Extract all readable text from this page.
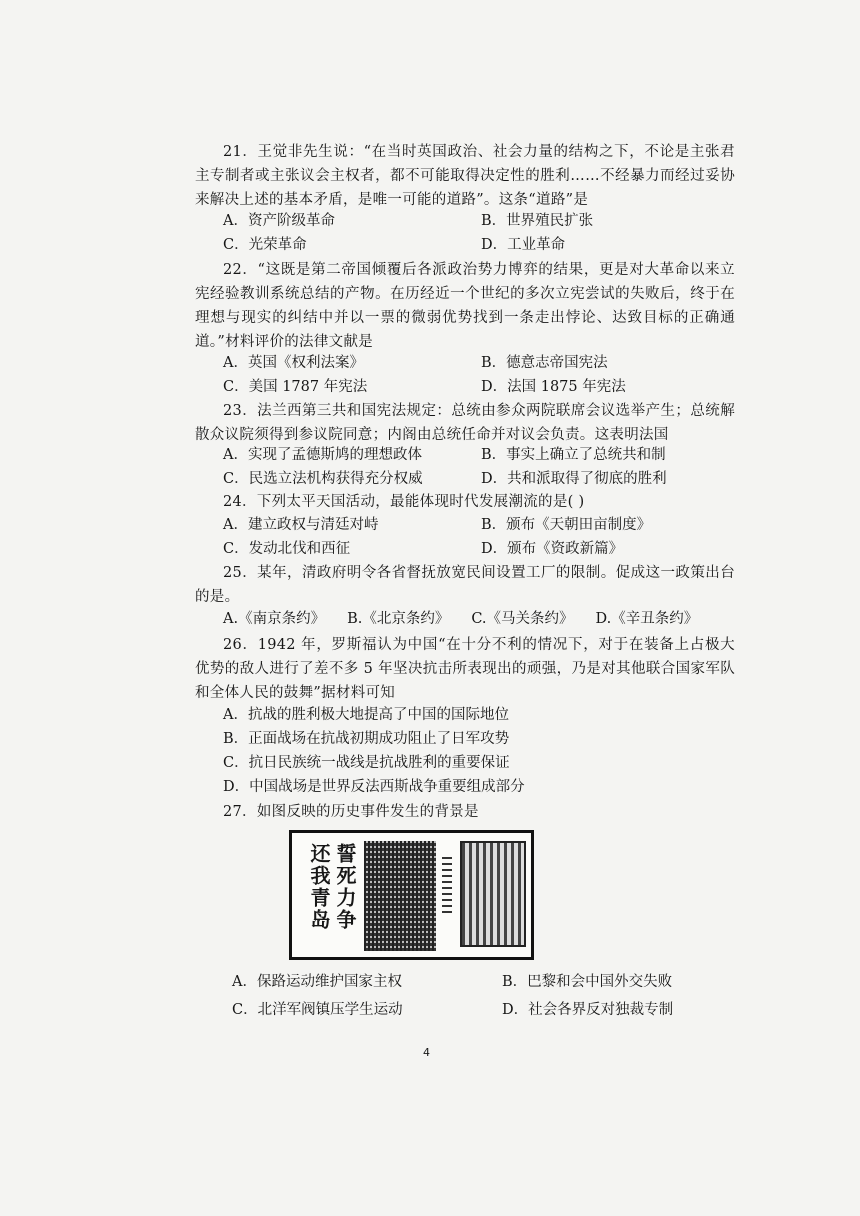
21．王觉非先生说：“在当时英国政治、社会力量的结构之下，不论是主张君主专制者或主张议会主权者，都不可能取得决定性的胜利……不经暴力而经过妥协来解决上述的基本矛盾，是唯一可能的道路”。这条“道路”是

A．资产阶级革命	B．世界殖民扩张
C．光荣革命	D．工业革命

22．“这既是第二帝国倾覆后各派政治势力博弈的结果，更是对大革命以来立宪经验教训系统总结的产物。在历经近一个世纪的多次立宪尝试的失败后，终于在理想与现实的纠结中并以一票的微弱优势找到一条走出悖论、达致目标的正确通道。”材料评价的法律文献是

A．英国《权利法案》	B．德意志帝国宪法
C．美国 1787 年宪法	D．法国 1875 年宪法

23．法兰西第三共和国宪法规定：总统由参众两院联席会议选举产生；总统解散众议院须得到参议院同意；内阁由总统任命并对议会负责。这表明法国

A．实现了孟德斯鸠的理想政体	B．事实上确立了总统共和制
C．民选立法机构获得充分权威	D．共和派取得了彻底的胜利

24．下列太平天国活动，最能体现时代发展潮流的是( )

A．建立政权与清廷对峙	B．颁布《天朝田亩制度》
C．发动北伐和西征	D．颁布《资政新篇》

25．某年，清政府明令各省督抚放宽民间设置工厂的限制。促成这一政策出台的是。

A.《南京条约》 B.《北京条约》 C.《马关条约》 D.《辛丑条约》

26．1942 年，罗斯福认为中国“在十分不利的情况下，对于在装备上占极大优势的敌人进行了差不多 5 年坚决抗击所表现出的顽强，乃是对其他联合国家军队和全体人民的鼓舞”据材料可知

A．抗战的胜利极大地提高了中国的国际地位
B．正面战场在抗战初期成功阻止了日军攻势
C．抗日民族统一战线是抗战胜利的重要保证
D．中国战场是世界反法西斯战争重要组成部分

27．如图反映的历史事件发生的背景是

誓死力争 还我青岛
A．保路运动维护国家主权	B．巴黎和会中国外交失败
C．北洋军阀镇压学生运动	D．社会各界反对独裁专制
4
